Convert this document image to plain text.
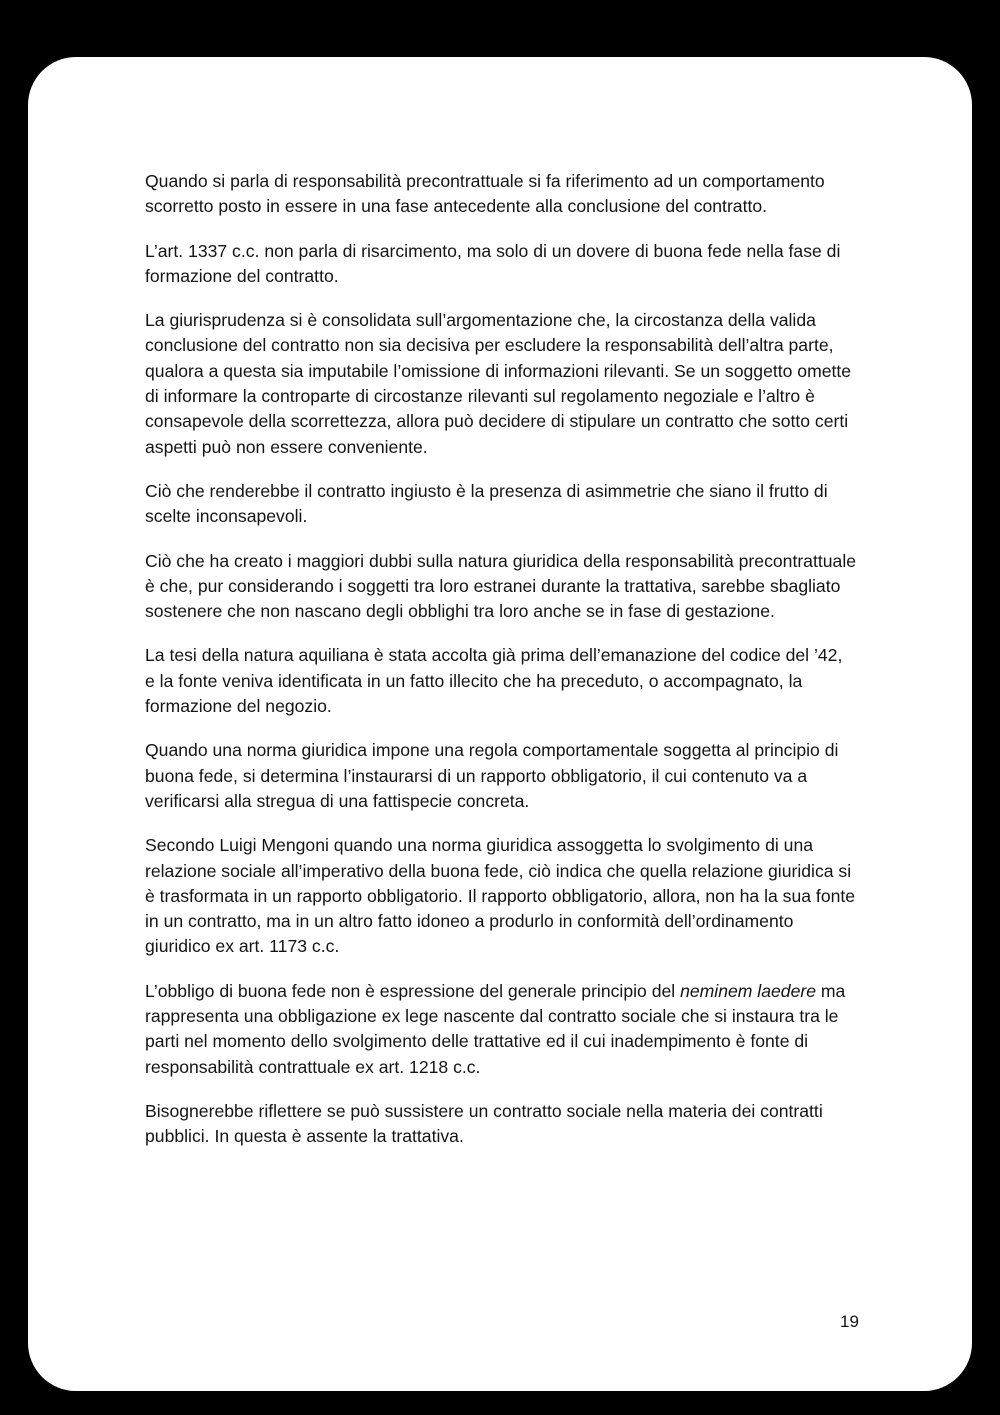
Quando si parla di responsabilità precontrattuale si fa riferimento ad un comportamento scorretto posto in essere in una fase antecedente alla conclusione del contratto.

L’art. 1337 c.c. non parla di risarcimento, ma solo di un dovere di buona fede nella fase di formazione del contratto.

La giurisprudenza si è consolidata sull’argomentazione che, la circostanza della valida conclusione del contratto non sia decisiva per escludere la responsabilità dell’altra parte, qualora a questa sia imputabile l’omissione di informazioni rilevanti. Se un soggetto omette di informare la controparte di circostanze rilevanti sul regolamento negoziale e l’altro è consapevole della scorrettezza, allora può decidere di stipulare un contratto che sotto certi aspetti può non essere conveniente.

Ciò che renderebbe il contratto ingiusto è la presenza di asimmetrie che siano il frutto di scelte inconsapevoli.

Ciò che ha creato i maggiori dubbi sulla natura giuridica della responsabilità precontrattuale è che, pur considerando i soggetti tra loro estranei durante la trattativa, sarebbe sbagliato sostenere che non nascano degli obblighi tra loro anche se in fase di gestazione.

La tesi della natura aquiliana è stata accolta già prima dell’emanazione del codice del ’42, e la fonte veniva identificata in un fatto illecito che ha preceduto, o accompagnato, la formazione del negozio.

Quando una norma giuridica impone una regola comportamentale soggetta al principio di buona fede, si determina l’instaurarsi di un rapporto obbligatorio, il cui contenuto va a verificarsi alla stregua di una fattispecie concreta.

Secondo Luigi Mengoni quando una norma giuridica assoggetta lo svolgimento di una relazione sociale all’imperativo della buona fede, ciò indica che quella relazione giuridica si è trasformata in un rapporto obbligatorio. Il rapporto obbligatorio, allora, non ha la sua fonte in un contratto, ma in un altro fatto idoneo a produrlo in conformità dell’ordinamento giuridico ex art. 1173 c.c.

L’obbligo di buona fede non è espressione del generale principio del neminem laedere ma rappresenta una obbligazione ex lege nascente dal contratto sociale che si instaura tra le parti nel momento dello svolgimento delle trattative ed il cui inadempimento è fonte di responsabilità contrattuale ex art. 1218 c.c.

Bisognerebbe riflettere se può sussistere un contratto sociale nella materia dei contratti pubblici. In questa è assente la trattativa.

19
